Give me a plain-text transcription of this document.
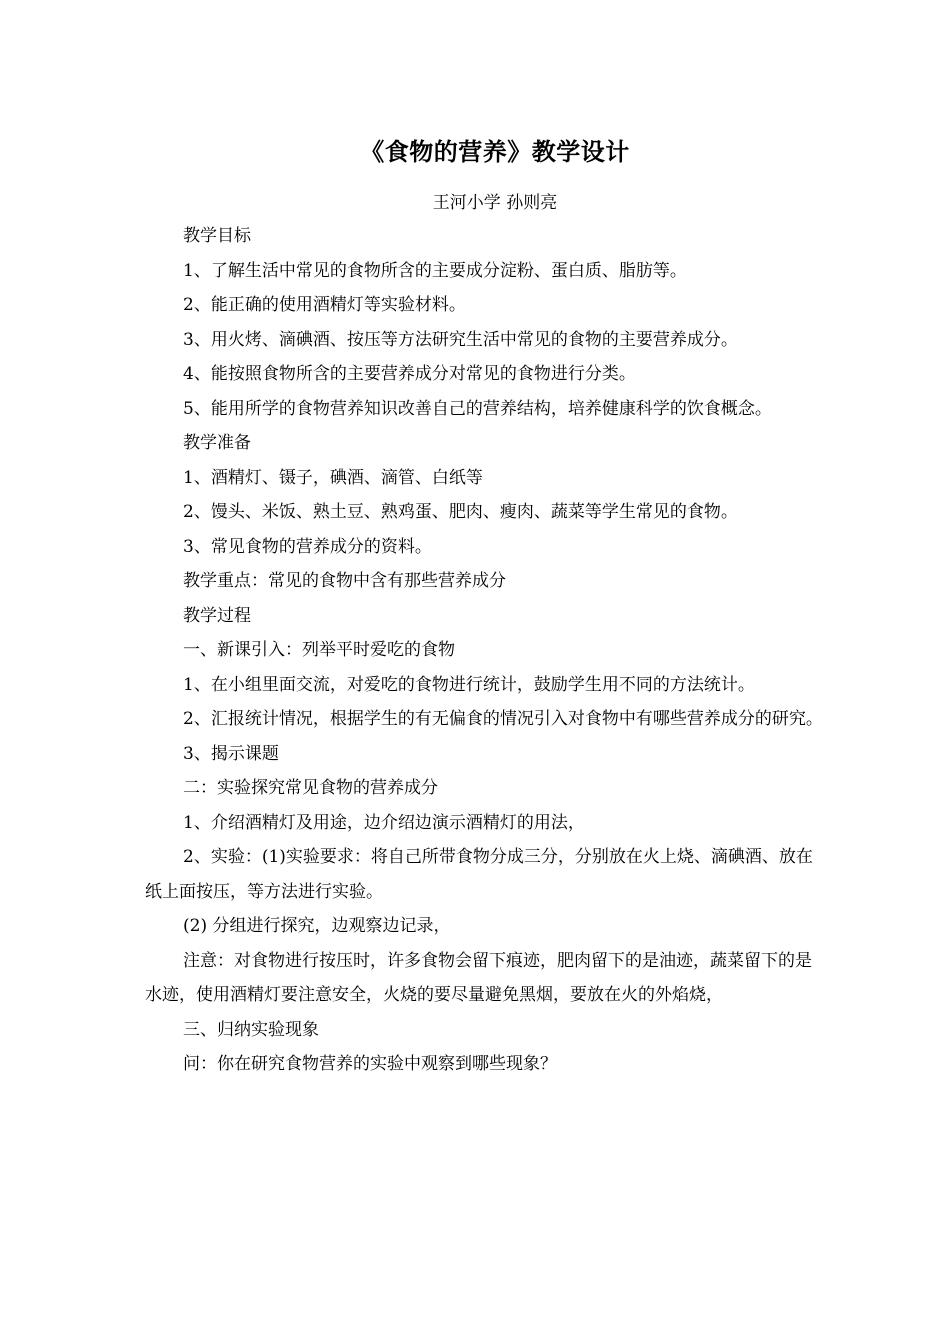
《食物的营养》教学设计
王河小学 孙则亮

教学目标

1、了解生活中常见的食物所含的主要成分淀粉、蛋白质、脂肪等。

2、能正确的使用酒精灯等实验材料。

3、用火烤、滴碘酒、按压等方法研究生活中常见的食物的主要营养成分。

4、能按照食物所含的主要营养成分对常见的食物进行分类。

5、能用所学的食物营养知识改善自己的营养结构，培养健康科学的饮食概念。

教学准备

1、酒精灯、镊子，碘酒、滴管、白纸等

2、馒头、米饭、熟土豆、熟鸡蛋、肥肉、瘦肉、蔬菜等学生常见的食物。

3、常见食物的营养成分的资料。

教学重点：常见的食物中含有那些营养成分

教学过程

一、新课引入：列举平时爱吃的食物

1、在小组里面交流，对爱吃的食物进行统计，鼓励学生用不同的方法统计。

2、汇报统计情况，根据学生的有无偏食的情况引入对食物中有哪些营养成分的研究。

3、揭示课题

二：实验探究常见食物的营养成分

1、介绍酒精灯及用途，边介绍边演示酒精灯的用法，

2、实验：(1)实验要求：将自己所带食物分成三分，分别放在火上烧、滴碘酒、放在纸上面按压，等方法进行实验。

(2) 分组进行探究，边观察边记录，

注意：对食物进行按压时，许多食物会留下痕迹，肥肉留下的是油迹，蔬菜留下的是水迹，使用酒精灯要注意安全，火烧的要尽量避免黑烟，要放在火的外焰烧，

三、归纳实验现象

问：你在研究食物营养的实验中观察到哪些现象？
